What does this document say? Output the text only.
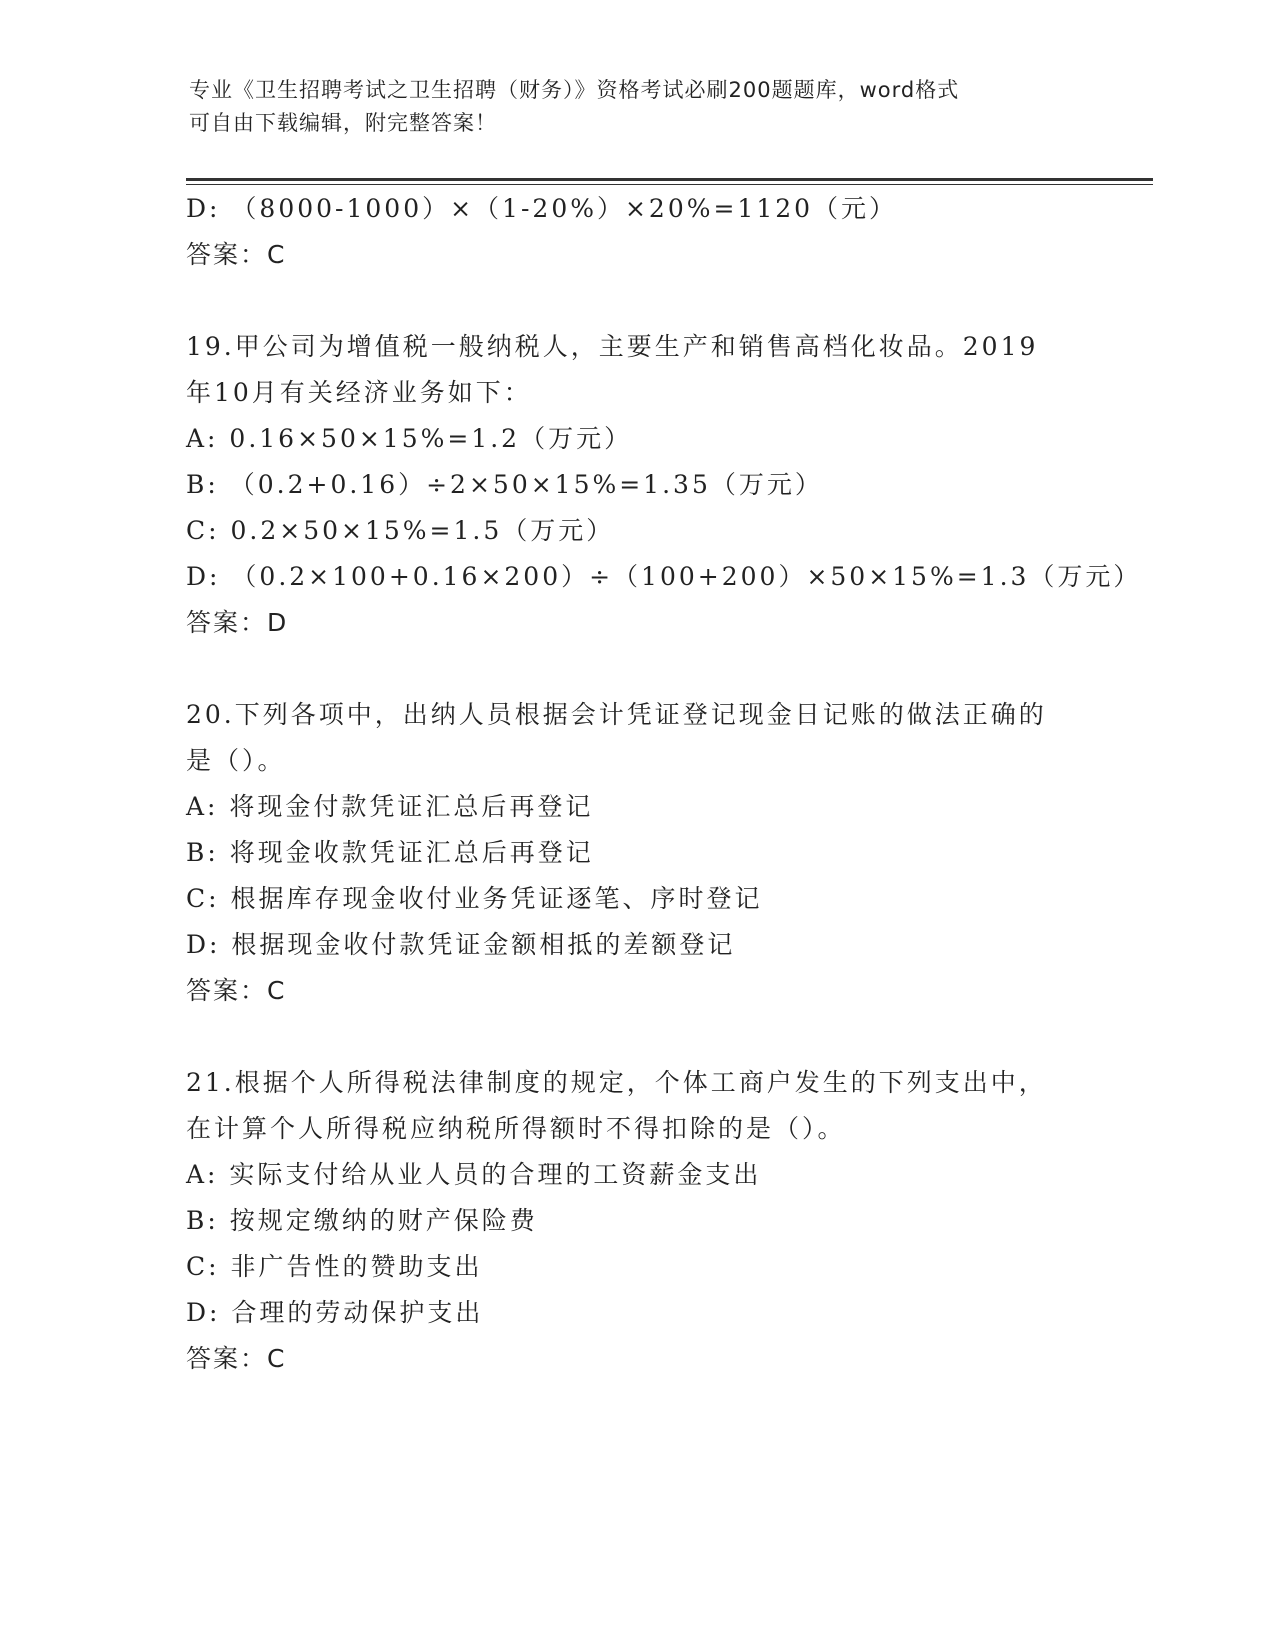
专业《卫生招聘考试之卫生招聘（财务）》资格考试必刷200题题库，word格式
可自由下载编辑，附完整答案！
D: （8000-1000）×（1-20%）×20%=1120（元）
答案：C
19.甲公司为增值税一般纳税人，主要生产和销售高档化妆品。2019
年10月有关经济业务如下：
A: 0.16×50×15%=1.2（万元）
B: （0.2+0.16）÷2×50×15%=1.35（万元）
C: 0.2×50×15%=1.5（万元）
D: （0.2×100+0.16×200）÷（100+200）×50×15%=1.3（万元）
答案：D
20.下列各项中，出纳人员根据会计凭证登记现金日记账的做法正确的
是（）。
A: 将现金付款凭证汇总后再登记
B: 将现金收款凭证汇总后再登记
C: 根据库存现金收付业务凭证逐笔、序时登记
D: 根据现金收付款凭证金额相抵的差额登记
答案：C
21.根据个人所得税法律制度的规定，个体工商户发生的下列支出中，
在计算个人所得税应纳税所得额时不得扣除的是（）。
A: 实际支付给从业人员的合理的工资薪金支出
B: 按规定缴纳的财产保险费
C: 非广告性的赞助支出
D: 合理的劳动保护支出
答案：C
